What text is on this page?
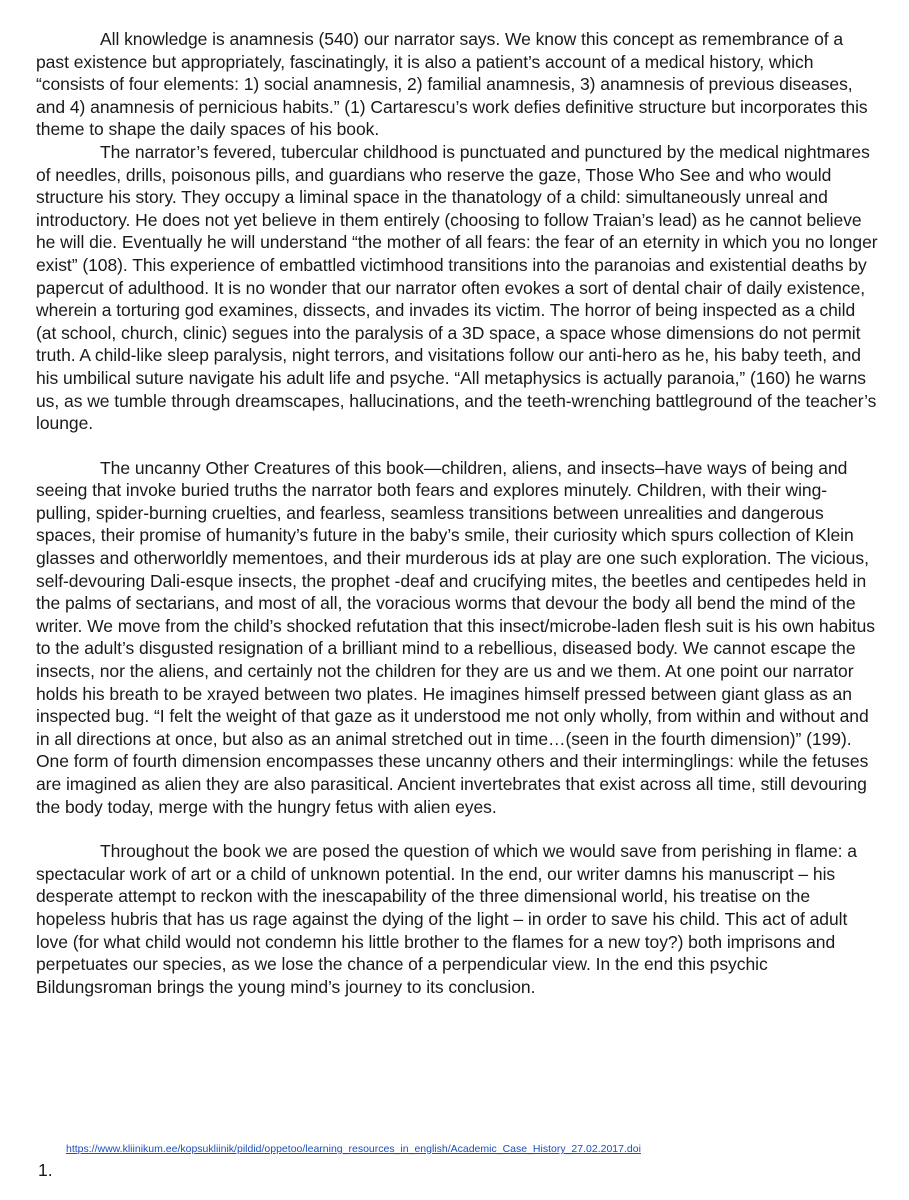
All knowledge is anamnesis (540) our narrator says. We know this concept as remembrance of a past existence but appropriately, fascinatingly, it is also a patient’s account of a medical history, which “consists of four elements: 1) social anamnesis, 2) familial anamnesis, 3) anamnesis of previous diseases, and 4) anamnesis of pernicious habits.” (1) Cartarescu’s work defies definitive structure but incorporates this theme to shape the daily spaces of his book.

The narrator’s fevered, tubercular childhood is punctuated and punctured by the medical nightmares of needles, drills, poisonous pills, and guardians who reserve the gaze, Those Who See and who would structure his story. They occupy a liminal space in the thanatology of a child: simultaneously unreal and introductory. He does not yet believe in them entirely (choosing to follow Traian’s lead) as he cannot believe he will die. Eventually he will understand “the mother of all fears: the fear of an eternity in which you no longer exist” (108). This experience of embattled victimhood transitions into the paranoias and existential deaths by papercut of adulthood. It is no wonder that our narrator often evokes a sort of dental chair of daily existence, wherein a torturing god examines, dissects, and invades its victim. The horror of being inspected as a child (at school, church, clinic) segues into the paralysis of a 3D space, a space whose dimensions do not permit truth. A child-like sleep paralysis, night terrors, and visitations follow our anti-hero as he, his baby teeth, and his umbilical suture navigate his adult life and psyche. “All metaphysics is actually paranoia,” (160) he warns us, as we tumble through dreamscapes, hallucinations, and the teeth-wrenching battleground of the teacher’s lounge.

The uncanny Other Creatures of this book—children, aliens, and insects–have ways of being and seeing that invoke buried truths the narrator both fears and explores minutely. Children, with their wing-pulling, spider-burning cruelties, and fearless, seamless transitions between unrealities and dangerous spaces, their promise of humanity’s future in the baby’s smile, their curiosity which spurs collection of Klein glasses and otherworldly mementoes, and their murderous ids at play are one such exploration. The vicious, self-devouring Dali-esque insects, the prophet -deaf and crucifying mites, the beetles and centipedes held in the palms of sectarians, and most of all, the voracious worms that devour the body all bend the mind of the writer. We move from the child’s shocked refutation that this insect/microbe-laden flesh suit is his own habitus to the adult’s disgusted resignation of a brilliant mind to a rebellious, diseased body. We cannot escape the insects, nor the aliens, and certainly not the children for they are us and we them. At one point our narrator holds his breath to be xrayed between two plates. He imagines himself pressed between giant glass as an inspected bug. “I felt the weight of that gaze as it understood me not only wholly, from within and without and in all directions at once, but also as an animal stretched out in time…(seen in the fourth dimension)” (199). One form of fourth dimension encompasses these uncanny others and their interminglings: while the fetuses are imagined as alien they are also parasitical. Ancient invertebrates that exist across all time, still devouring the body today, merge with the hungry fetus with alien eyes.

Throughout the book we are posed the question of which we would save from perishing in flame: a spectacular work of art or a child of unknown potential. In the end, our writer damns his manuscript – his desperate attempt to reckon with the inescapability of the three dimensional world, his treatise on the hopeless hubris that has us rage against the dying of the light – in order to save his child. This act of adult love (for what child would not condemn his little brother to the flames for a new toy?) both imprisons and perpetuates our species, as we lose the chance of a perpendicular view. In the end this psychic Bildungsroman brings the young mind’s journey to its conclusion.

1.
https://www.kliinikum.ee/kopsukliinik/pildid/oppetoo/learning_resources_in_english/Academic_Case_History_27.02.2017.doi
